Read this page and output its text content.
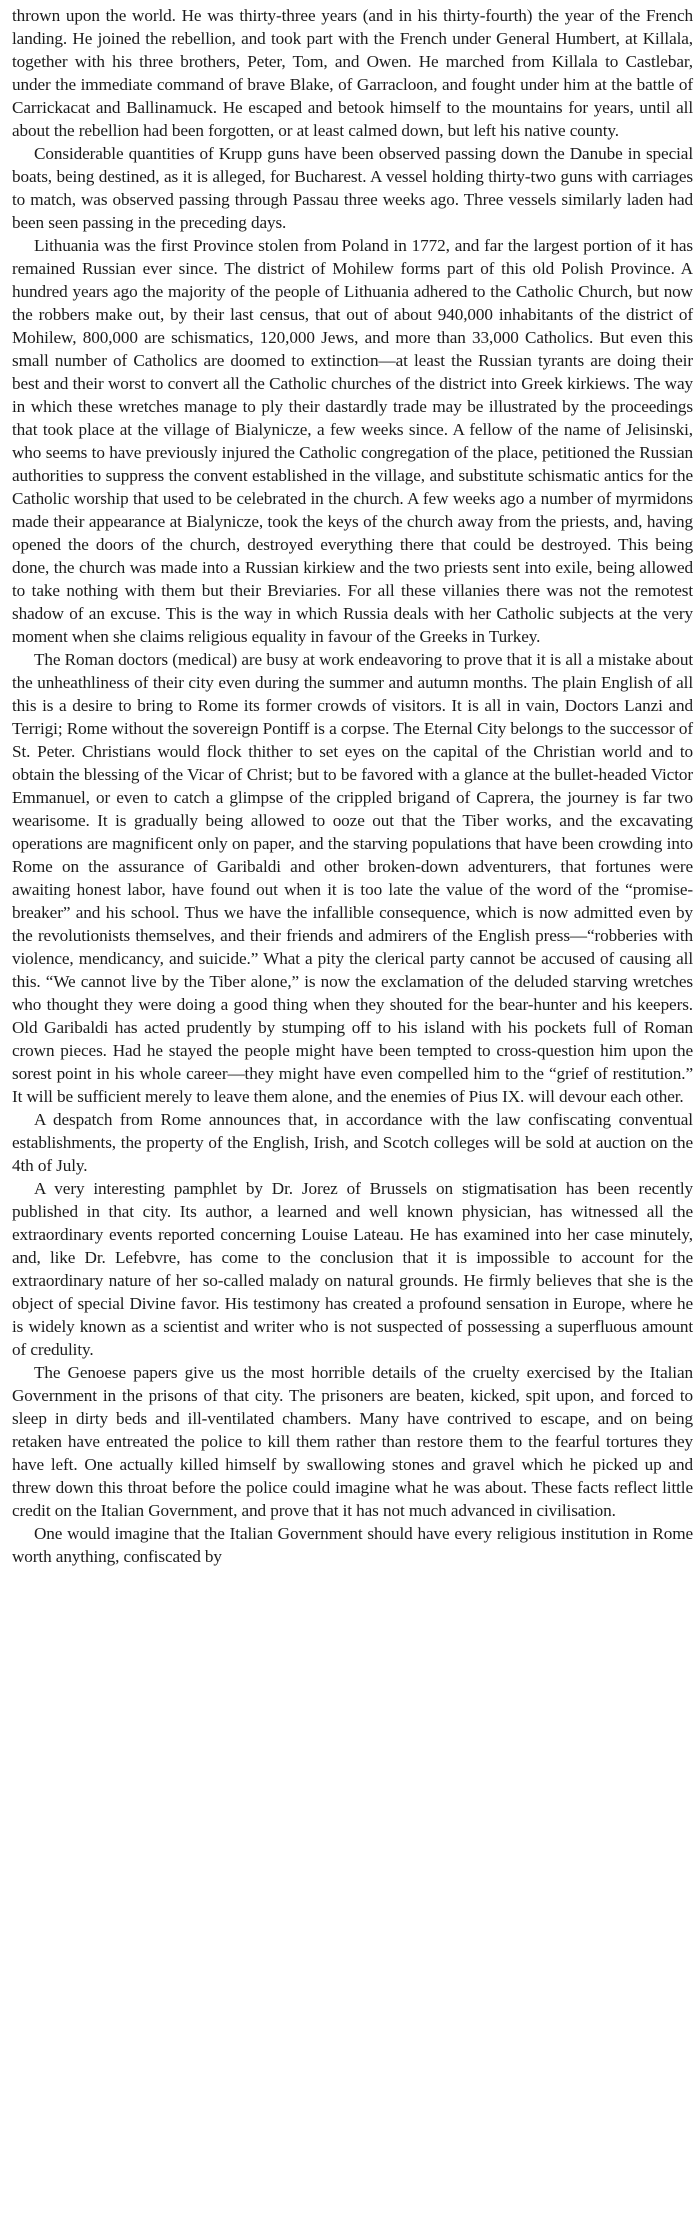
thrown upon the world. He was thirty-three years (and in his thirty-fourth) the year of the French landing. He joined the rebellion, and took part with the French under General Humbert, at Killala, together with his three brothers, Peter, Tom, and Owen. He marched from Killala to Castlebar, under the immediate command of brave Blake, of Garracloon, and fought under him at the battle of Carrickacat and Ballinamuck. He escaped and betook himself to the mountains for years, until all about the rebellion had been forgotten, or at least calmed down, but left his native county.

Considerable quantities of Krupp guns have been observed passing down the Danube in special boats, being destined, as it is alleged, for Bucharest. A vessel holding thirty-two guns with carriages to match, was observed passing through Passau three weeks ago. Three vessels similarly laden had been seen passing in the preceding days.

Lithuania was the first Province stolen from Poland in 1772, and far the largest portion of it has remained Russian ever since. The district of Mohilew forms part of this old Polish Province. A hundred years ago the majority of the people of Lithuania adhered to the Catholic Church, but now the robbers make out, by their last census, that out of about 940,000 inhabitants of the district of Mohilew, 800,000 are schismatics, 120,000 Jews, and more than 33,000 Catholics. But even this small number of Catholics are doomed to extinction—at least the Russian tyrants are doing their best and their worst to convert all the Catholic churches of the district into Greek kirkiews. The way in which these wretches manage to ply their dastardly trade may be illustrated by the proceedings that took place at the village of Bialynicze, a few weeks since. A fellow of the name of Jelisinski, who seems to have previously injured the Catholic congregation of the place, petitioned the Russian authorities to suppress the convent established in the village, and substitute schismatic antics for the Catholic worship that used to be celebrated in the church. A few weeks ago a number of myrmidons made their appearance at Bialynicze, took the keys of the church away from the priests, and, having opened the doors of the church, destroyed everything there that could be destroyed. This being done, the church was made into a Russian kirkiew and the two priests sent into exile, being allowed to take nothing with them but their Breviaries. For all these villanies there was not the remotest shadow of an excuse. This is the way in which Russia deals with her Catholic subjects at the very moment when she claims religious equality in favour of the Greeks in Turkey.

The Roman doctors (medical) are busy at work endeavoring to prove that it is all a mistake about the unheathliness of their city even during the summer and autumn months. The plain English of all this is a desire to bring to Rome its former crowds of visitors. It is all in vain, Doctors Lanzi and Terrigi; Rome without the sovereign Pontiff is a corpse. The Eternal City belongs to the successor of St. Peter. Christians would flock thither to set eyes on the capital of the Christian world and to obtain the blessing of the Vicar of Christ; but to be favored with a glance at the bullet-headed Victor Emmanuel, or even to catch a glimpse of the crippled brigand of Caprera, the journey is far two wearisome. It is gradually being allowed to ooze out that the Tiber works, and the excavating operations are magnificent only on paper, and the starving populations that have been crowding into Rome on the assurance of Garibaldi and other broken-down adventurers, that fortunes were awaiting honest labor, have found out when it is too late the value of the word of the “promise-breaker” and his school. Thus we have the infallible consequence, which is now admitted even by the revolutionists themselves, and their friends and admirers of the English press—“robberies with violence, mendicancy, and suicide.” What a pity the clerical party cannot be accused of causing all this. “We cannot live by the Tiber alone,” is now the exclamation of the deluded starving wretches who thought they were doing a good thing when they shouted for the bear-hunter and his keepers. Old Garibaldi has acted prudently by stumping off to his island with his pockets full of Roman crown pieces. Had he stayed the people might have been tempted to cross-question him upon the sorest point in his whole career—they might have even compelled him to the “grief of restitution.” It will be sufficient merely to leave them alone, and the enemies of Pius IX. will devour each other.

A despatch from Rome announces that, in accordance with the law confiscating conventual establishments, the property of the English, Irish, and Scotch colleges will be sold at auction on the 4th of July.

A very interesting pamphlet by Dr. Jorez of Brussels on stigmatisation has been recently published in that city. Its author, a learned and well known physician, has witnessed all the extraordinary events reported concerning Louise Lateau. He has examined into her case minutely, and, like Dr. Lefebvre, has come to the conclusion that it is impossible to account for the extraordinary nature of her so-called malady on natural grounds. He firmly believes that she is the object of special Divine favor. His testimony has created a profound sensation in Europe, where he is widely known as a scientist and writer who is not suspected of possessing a superfluous amount of credulity.

The Genoese papers give us the most horrible details of the cruelty exercised by the Italian Government in the prisons of that city. The prisoners are beaten, kicked, spit upon, and forced to sleep in dirty beds and ill-ventilated chambers. Many have contrived to escape, and on being retaken have entreated the police to kill them rather than restore them to the fearful tortures they have left. One actually killed himself by swallowing stones and gravel which he picked up and threw down this throat before the police could imagine what he was about. These facts reflect little credit on the Italian Government, and prove that it has not much advanced in civilisation.

One would imagine that the Italian Government should have every religious institution in Rome worth anything, confiscated by
